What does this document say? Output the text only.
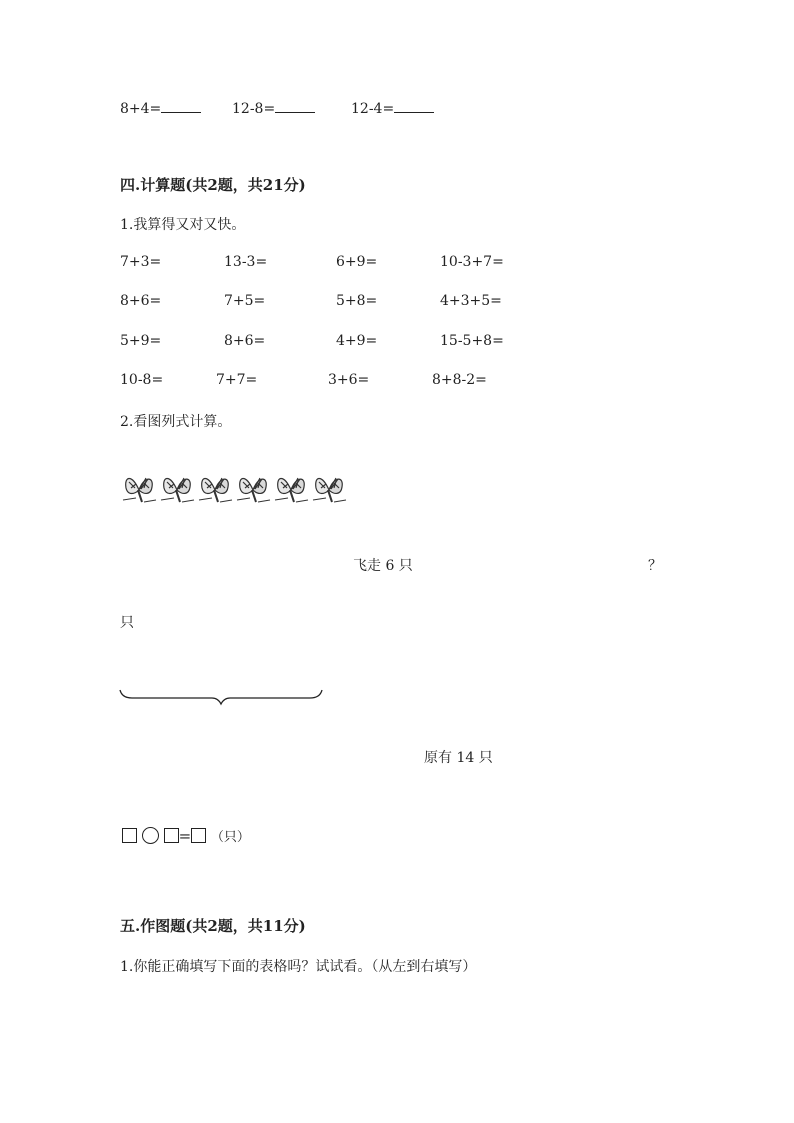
8+4=	12-8=	12-4=
四.计算题(共2题，共21分)
1.我算得又对又快。
7+3=	13-3=	6+9=	10-3+7=
8+6=	7+5=	5+8=	4+3+5=
5+9=	8+6=	4+9=	15-5+8=
10-8=	7+7=	3+6=	8+8-2=
2.看图列式计算。
飞走 6 只	？
只
原有 14 只
= （只）
五.作图题(共2题，共11分)
1.你能正确填写下面的表格吗？试试看。（从左到右填写）
